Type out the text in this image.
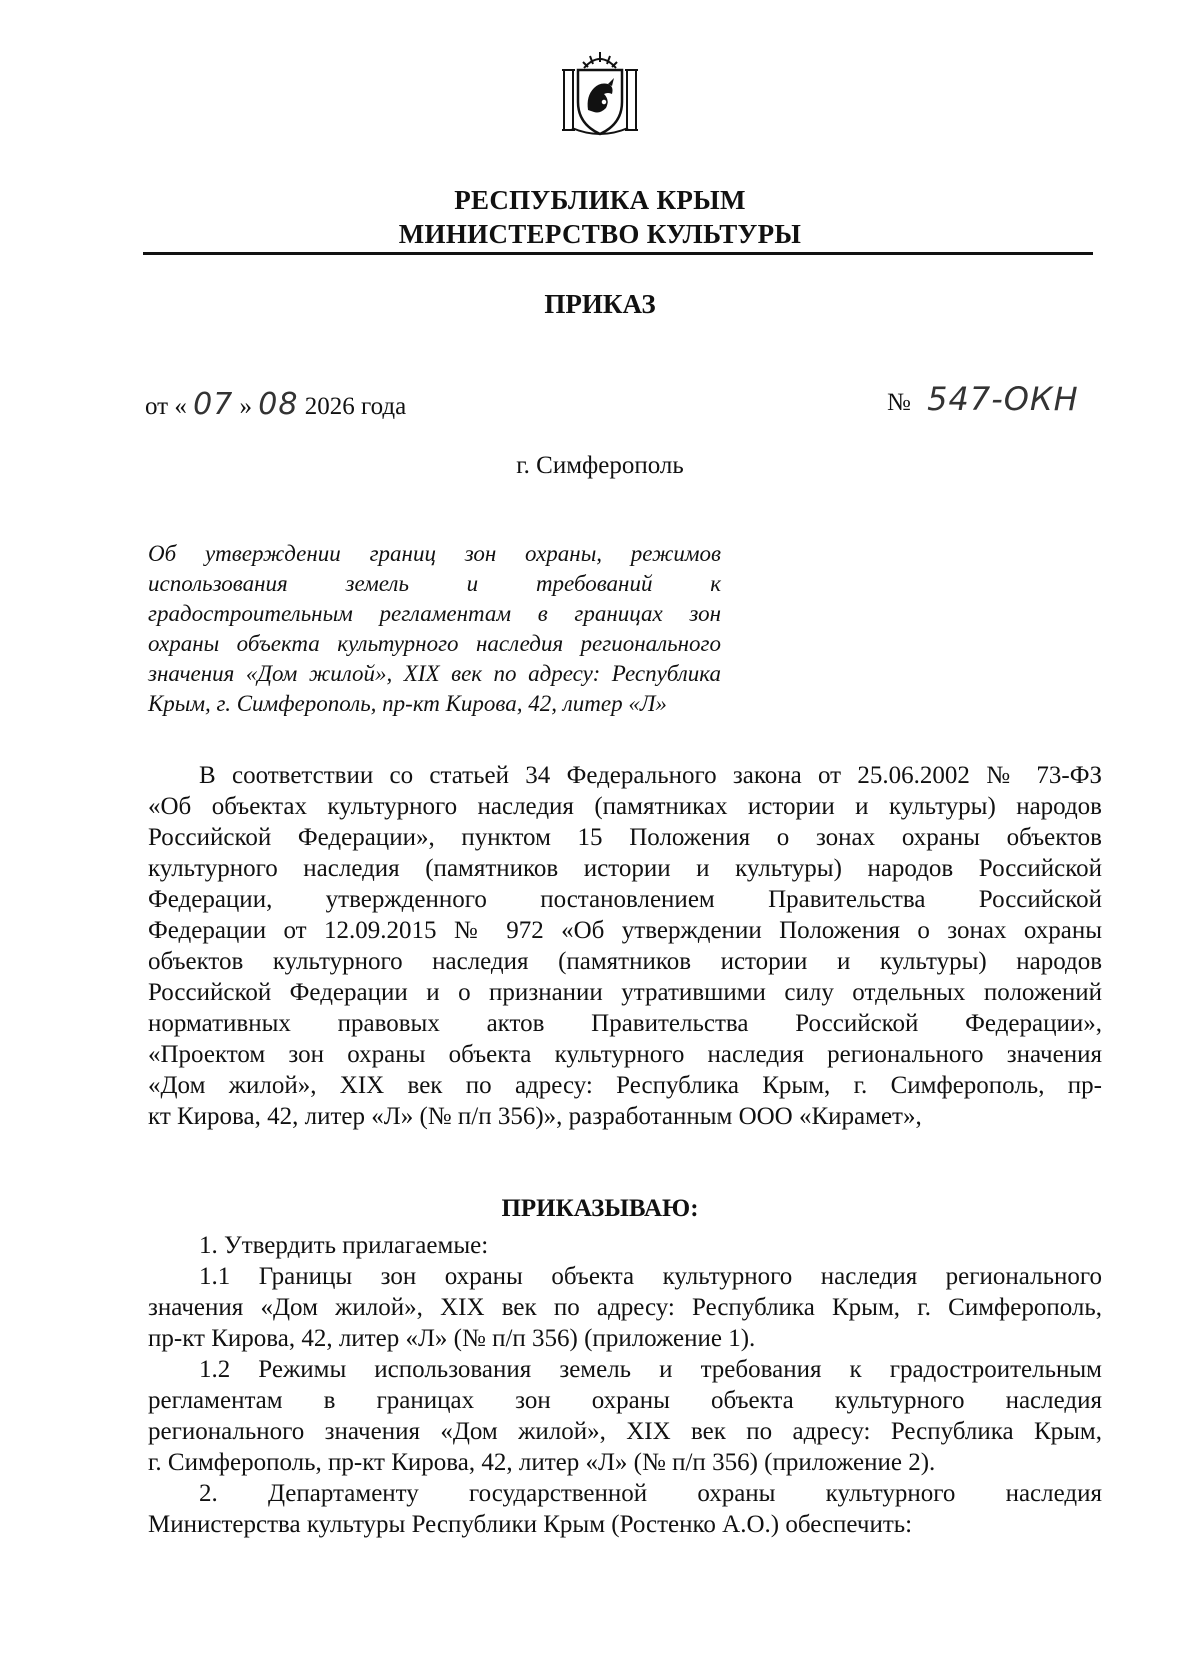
РЕСПУБЛИКА КРЫМ
МИНИСТЕРСТВО КУЛЬТУРЫ
ПРИКАЗ
от « 07 » 08 2026 года	№ 547-ОКН
г. Симферополь
Об утверждении границ зон охраны, режимов
использования земель и требований к
градостроительным регламентам в границах зон
охраны объекта культурного наследия регионального
значения «Дом жилой», XIX век по адресу: Республика
Крым, г. Симферополь, пр-кт Кирова, 42, литер «Л»
В соответствии со статьей 34 Федерального закона от 25.06.2002 № 73-ФЗ
«Об объектах культурного наследия (памятниках истории и культуры) народов
Российской Федерации», пунктом 15 Положения о зонах охраны объектов
культурного наследия (памятников истории и культуры) народов Российской
Федерации, утвержденного постановлением Правительства Российской
Федерации от 12.09.2015 № 972 «Об утверждении Положения о зонах охраны
объектов культурного наследия (памятников истории и культуры) народов
Российской Федерации и о признании утратившими силу отдельных положений
нормативных правовых актов Правительства Российской Федерации»,
«Проектом зон охраны объекта культурного наследия регионального значения
«Дом жилой», XIX век по адресу: Республика Крым, г. Симферополь, пр-
кт Кирова, 42, литер «Л» (№ п/п 356)», разработанным ООО «Кирамет»,
ПРИКАЗЫВАЮ:
1. Утвердить прилагаемые:
1.1 Границы зон охраны объекта культурного наследия регионального
значения «Дом жилой», XIX век по адресу: Республика Крым, г. Симферополь,
пр-кт Кирова, 42, литер «Л» (№ п/п 356) (приложение 1).
1.2 Режимы использования земель и требования к градостроительным
регламентам в границах зон охраны объекта культурного наследия
регионального значения «Дом жилой», XIX век по адресу: Республика Крым,
г. Симферополь, пр-кт Кирова, 42, литер «Л» (№ п/п 356) (приложение 2).
2. Департаменту государственной охраны культурного наследия
Министерства культуры Республики Крым (Ростенко А.О.) обеспечить:
